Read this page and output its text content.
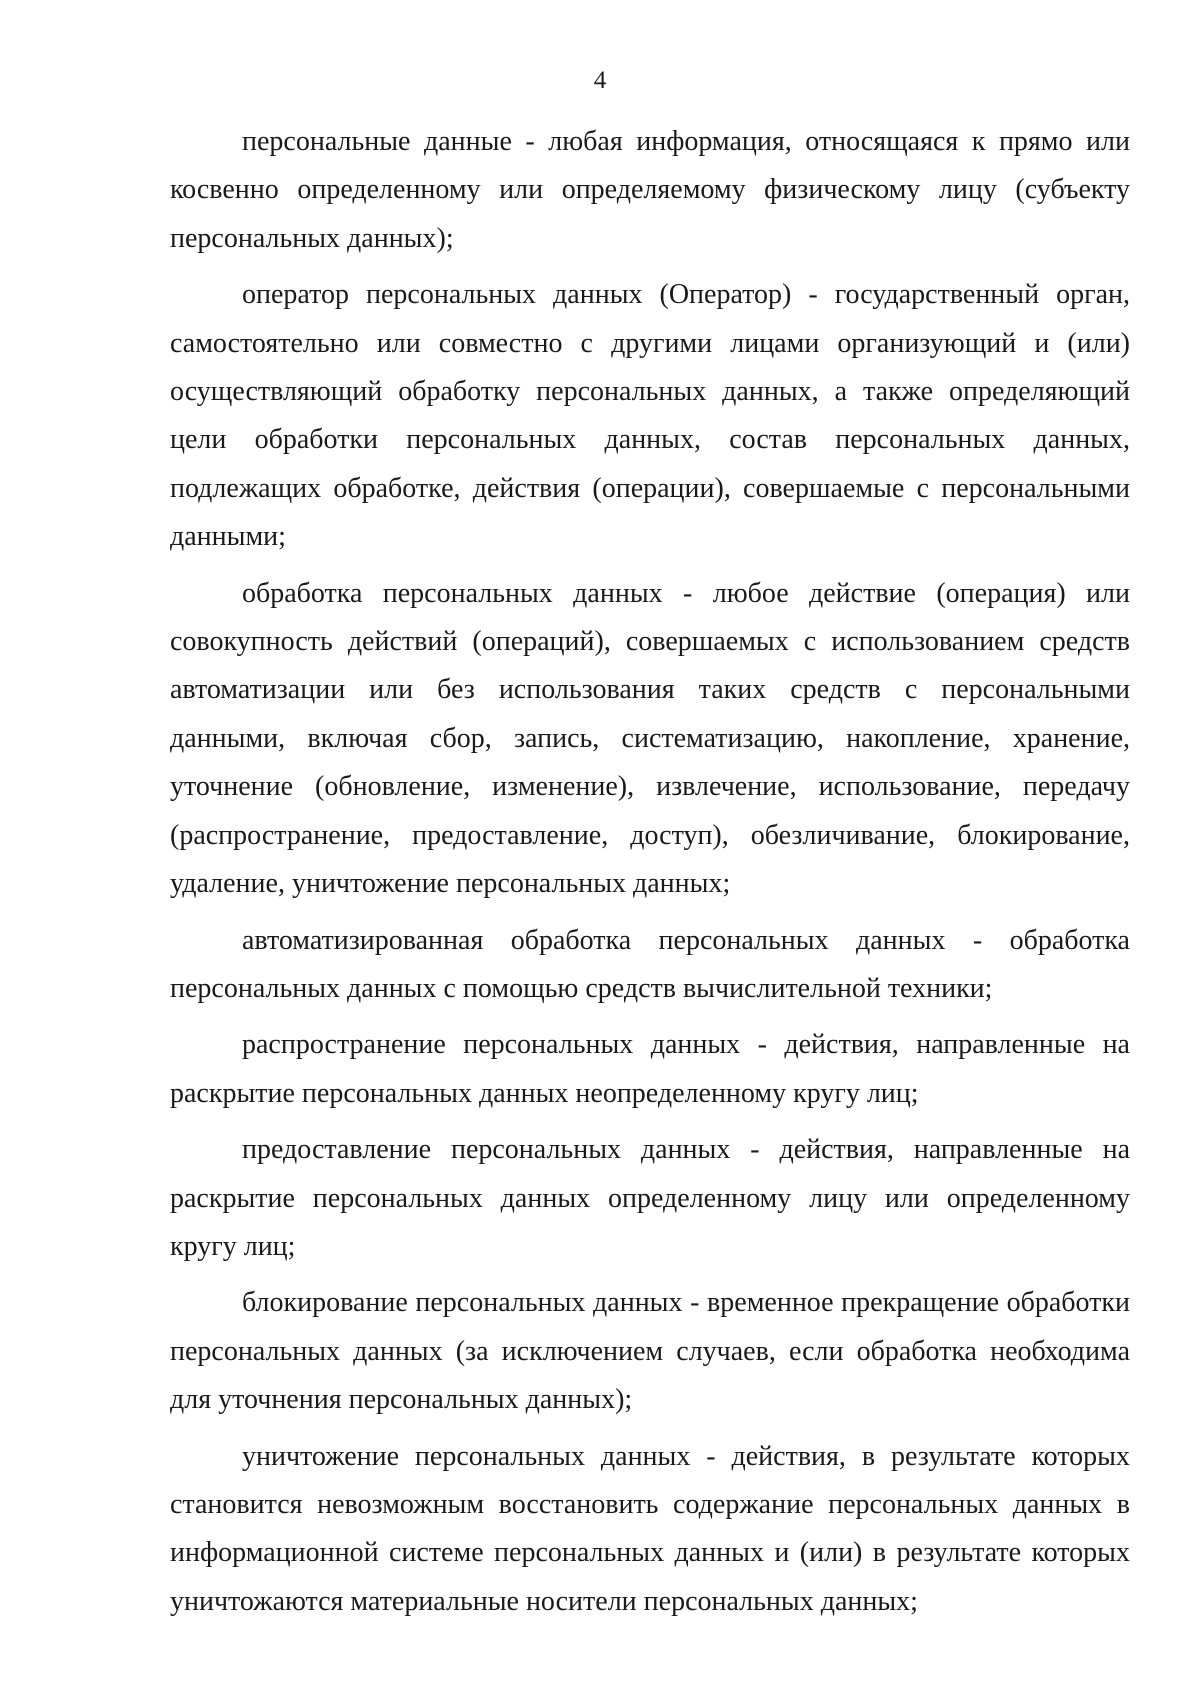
4

персональные данные - любая информация, относящаяся к прямо или косвенно определенному или определяемому физическому лицу (субъекту персональных данных);

оператор персональных данных (Оператор) - государственный орган, самостоятельно или совместно с другими лицами организующий и (или) осуществляющий обработку персональных данных, а также определяющий цели обработки персональных данных, состав персональных данных, подлежащих обработке, действия (операции), совершаемые с персональными данными;

обработка персональных данных - любое действие (операция) или совокупность действий (операций), совершаемых с использованием средств автоматизации или без использования таких средств с персональными данными, включая сбор, запись, систематизацию, накопление, хранение, уточнение (обновление, изменение), извлечение, использование, передачу (распространение, предоставление, доступ), обезличивание, блокирование, удаление, уничтожение персональных данных;

автоматизированная обработка персональных данных - обработка персональных данных с помощью средств вычислительной техники;

распространение персональных данных - действия, направленные на раскрытие персональных данных неопределенному кругу лиц;

предоставление персональных данных - действия, направленные на раскрытие персональных данных определенному лицу или определенному кругу лиц;

блокирование персональных данных - временное прекращение обработки персональных данных (за исключением случаев, если обработка необходима для уточнения персональных данных);

уничтожение персональных данных - действия, в результате которых становится невозможным восстановить содержание персональных данных в информационной системе персональных данных и (или) в результате которых уничтожаются материальные носители персональных данных;
